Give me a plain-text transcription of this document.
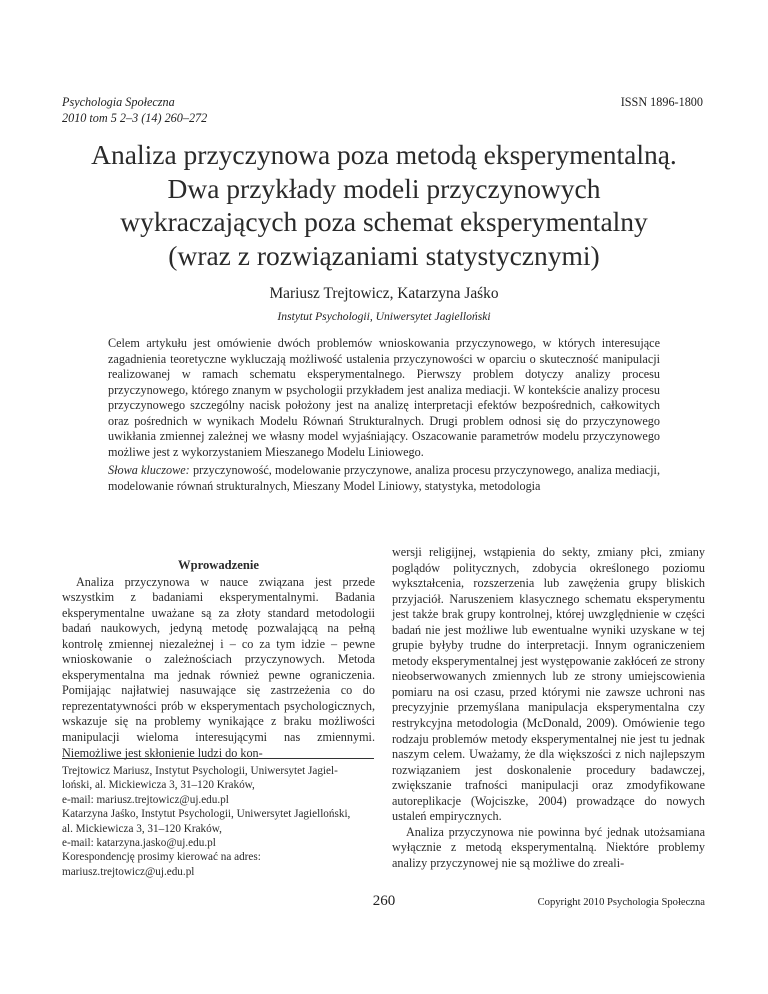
Psychologia Społeczna
2010 tom 5 2–3 (14) 260–272
ISSN 1896-1800
Analiza przyczynowa poza metodą eksperymentalną.
Dwa przykłady modeli przyczynowych
wykraczających poza schemat eksperymentalny
(wraz z rozwiązaniami statystycznymi)
Mariusz Trejtowicz, Katarzyna Jaśko
Instytut Psychologii, Uniwersytet Jagielloński
Celem artykułu jest omówienie dwóch problemów wnioskowania przyczynowego, w których interesujące zagadnienia teoretyczne wykluczają możliwość ustalenia przyczynowości w oparciu o skuteczność manipulacji realizowanej w ramach schematu eksperymentalnego. Pierwszy problem dotyczy analizy procesu przyczynowego, którego znanym w psychologii przykładem jest analiza mediacji. W kontekście analizy procesu przyczynowego szczególny nacisk położony jest na analizę interpretacji efektów bezpośrednich, całkowitych oraz pośrednich w wynikach Modelu Równań Strukturalnych. Drugi problem odnosi się do przyczynowego uwikłania zmiennej zależnej we własny model wyjaśniający. Oszacowanie parametrów modelu przyczynowego możliwe jest z wykorzystaniem Mieszanego Modelu Liniowego.
Słowa kluczowe: przyczynowość, modelowanie przyczynowe, analiza procesu przyczynowego, analiza mediacji, modelowanie równań strukturalnych, Mieszany Model Liniowy, statystyka, metodologia
Wprowadzenie

Analiza przyczynowa w nauce związana jest przede wszystkim z badaniami eksperymentalnymi. Badania eksperymentalne uważane są za złoty standard metodologii badań naukowych, jedyną metodę pozwalającą na pełną kontrolę zmiennej niezależnej i – co za tym idzie – pewne wnioskowanie o zależnościach przyczynowych. Metoda eksperymentalna ma jednak również pewne ograniczenia. Pomijając najłatwiej nasuwające się zastrzeżenia co do reprezentatywności prób w eksperymentach psychologicznych, wskazuje się na problemy wynikające z braku możliwości manipulacji wieloma interesującymi nas zmiennymi. Niemożliwe jest skłonienie ludzi do kon-

wersji religijnej, wstąpienia do sekty, zmiany płci, zmiany poglądów politycznych, zdobycia określonego poziomu wykształcenia, rozszerzenia lub zawężenia grupy bliskich przyjaciół. Naruszeniem klasycznego schematu eksperymentu jest także brak grupy kontrolnej, której uwzględnienie w części badań nie jest możliwe lub ewentualne wyniki uzyskane w tej grupie byłyby trudne do interpretacji. Innym ograniczeniem metody eksperymentalnej jest występowanie zakłóceń ze strony nieobserwowanych zmiennych lub ze strony umiejscowienia pomiaru na osi czasu, przed którymi nie zawsze uchroni nas precyzyjnie przemyślana manipulacja eksperymentalna czy restrykcyjna metodologia (McDonald, 2009). Omówienie tego rodzaju problemów metody eksperymentalnej nie jest tu jednak naszym celem. Uważamy, że dla większości z nich najlepszym rozwiązaniem jest doskonalenie procedury badawczej, zwiększanie trafności manipulacji oraz zmodyfikowane autoreplikacje (Wojciszke, 2004) prowadzące do nowych ustaleń empirycznych.

Analiza przyczynowa nie powinna być jednak utożsamiana wyłącznie z metodą eksperymentalną. Niektóre problemy analizy przyczynowej nie są możliwe do zreali-

Trejtowicz Mariusz, Instytut Psychologii, Uniwersytet Jagiel-
loński, al. Mickiewicza 3, 31–120 Kraków,
e-mail: mariusz.trejtowicz@uj.edu.pl
Katarzyna Jaśko, Instytut Psychologii, Uniwersytet Jagielloński,
al. Mickiewicza 3, 31–120 Kraków,
e-mail: katarzyna.jasko@uj.edu.pl
Korespondencję prosimy kierować na adres:
mariusz.trejtowicz@uj.edu.pl
260	Copyright 2010 Psychologia Społeczna
